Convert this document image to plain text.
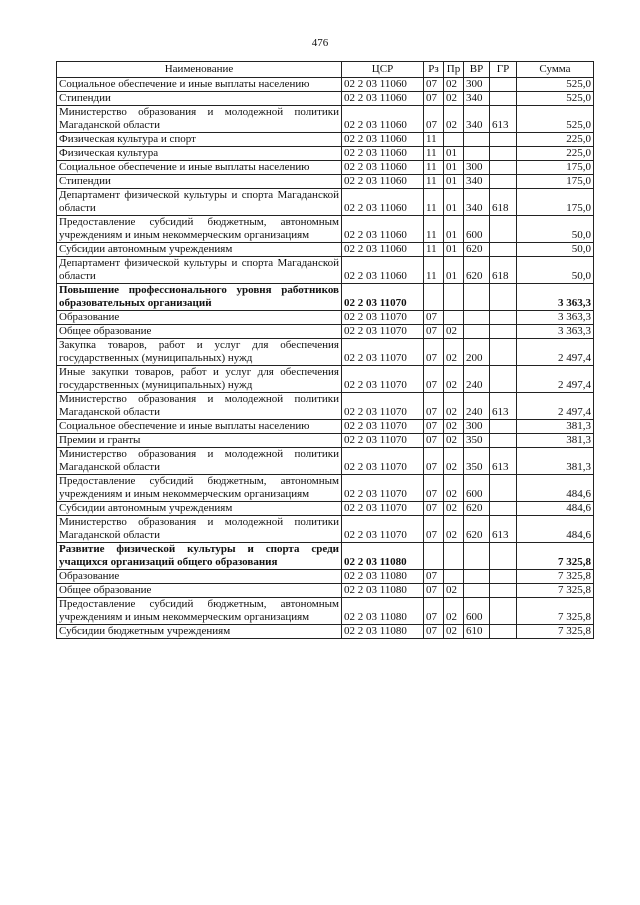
476
Наименование	ЦСР	Рз	Пр	ВР	ГР	Сумма
Социальное обеспечение и иные выплаты населению	02 2 03 11060	07	02	300		525,0
Стипендии	02 2 03 11060	07	02	340		525,0
Министерство образования и молодежной политики Магаданской области	02 2 03 11060	07	02	340	613	525,0
Физическая культура и спорт	02 2 03 11060	11				225,0
Физическая культура	02 2 03 11060	11	01			225,0
Социальное обеспечение и иные выплаты населению	02 2 03 11060	11	01	300		175,0
Стипендии	02 2 03 11060	11	01	340		175,0
Департамент физической культуры и спорта Магаданской области	02 2 03 11060	11	01	340	618	175,0
Предоставление субсидий бюджетным, автономным учреждениям и иным некоммерческим организациям	02 2 03 11060	11	01	600		50,0
Субсидии автономным учреждениям	02 2 03 11060	11	01	620		50,0
Департамент физической культуры и спорта Магаданской области	02 2 03 11060	11	01	620	618	50,0
Повышение профессионального уровня работников образовательных организаций	02 2 03 11070					3 363,3
Образование	02 2 03 11070	07				3 363,3
Общее образование	02 2 03 11070	07	02			3 363,3
Закупка товаров, работ и услуг для обеспечения государственных (муниципальных) нужд	02 2 03 11070	07	02	200		2 497,4
Иные закупки товаров, работ и услуг для обеспечения государственных (муниципальных) нужд	02 2 03 11070	07	02	240		2 497,4
Министерство образования и молодежной политики Магаданской области	02 2 03 11070	07	02	240	613	2 497,4
Социальное обеспечение и иные выплаты населению	02 2 03 11070	07	02	300		381,3
Премии и гранты	02 2 03 11070	07	02	350		381,3
Министерство образования и молодежной политики Магаданской области	02 2 03 11070	07	02	350	613	381,3
Предоставление субсидий бюджетным, автономным учреждениям и иным некоммерческим организациям	02 2 03 11070	07	02	600		484,6
Субсидии автономным учреждениям	02 2 03 11070	07	02	620		484,6
Министерство образования и молодежной политики Магаданской области	02 2 03 11070	07	02	620	613	484,6
Развитие физической культуры и спорта среди учащихся организаций общего образования	02 2 03 11080					7 325,8
Образование	02 2 03 11080	07				7 325,8
Общее образование	02 2 03 11080	07	02			7 325,8
Предоставление субсидий бюджетным, автономным учреждениям и иным некоммерческим организациям	02 2 03 11080	07	02	600		7 325,8
Субсидии бюджетным учреждениям	02 2 03 11080	07	02	610		7 325,8
